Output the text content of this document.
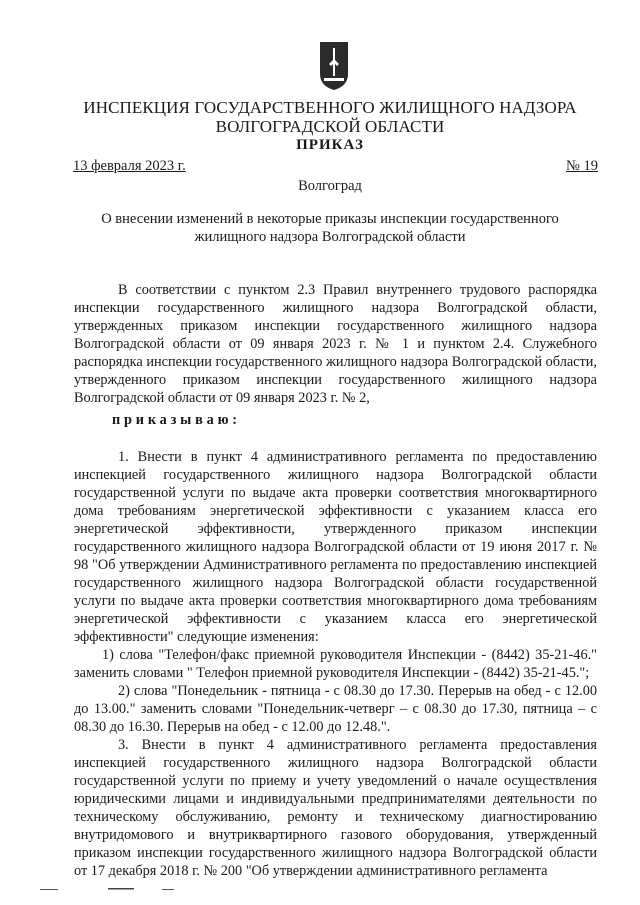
ИНСПЕКЦИЯ ГОСУДАРСТВЕННОГО ЖИЛИЩНОГО НАДЗОРА
ВОЛГОГРАДСКОЙ ОБЛАСТИ
ПРИКАЗ
13 февраля 2023 г.	№ 19
Волгоград
О внесении изменений в некоторые приказы инспекции государственного
жилищного надзора Волгоградской области

В соответствии с пунктом 2.3 Правил внутреннего трудового распорядка инспекции государственного жилищного надзора Волгоградской области, утвержденных приказом инспекции государственного жилищного надзора Волгоградской области от 09 января 2023 г. № 1 и пунктом 2.4. Служебного распорядка инспекции государственного жилищного надзора Волгоградской области, утвержденного приказом инспекции государственного жилищного надзора Волгоградской области от 09 января 2023 г. № 2,

приказываю:

1. Внести в пункт 4 административного регламента по предоставлению инспекцией государственного жилищного надзора Волгоградской области государственной услуги по выдаче акта проверки соответствия многоквартирного дома требованиям энергетической эффективности с указанием класса его энергетической эффективности, утвержденного приказом инспекции государственного жилищного надзора Волгоградской области от 19 июня 2017 г. № 98 "Об утверждении Административного регламента по предоставлению инспекцией государственного жилищного надзора Волгоградской области государственной услуги по выдаче акта проверки соответствия многоквартирного дома требованиям энергетической эффективности с указанием класса его энергетической эффективности" следующие изменения:

1) слова "Телефон/факс приемной руководителя Инспекции - (8442) 35-21-46." заменить словами " Телефон приемной руководителя Инспекции - (8442) 35-21-45.";

2) слова "Понедельник - пятница - с 08.30 до 17.30. Перерыв на обед - с 12.00 до 13.00." заменить словами "Понедельник-четверг – с 08.30 до 17.30, пятница – с 08.30 до 16.30. Перерыв на обед - с 12.00 до 12.48.".

3. Внести в пункт 4 административного регламента предоставления инспекцией государственного жилищного надзора Волгоградской области государственной услуги по приему и учету уведомлений о начале осуществления юридическими лицами и индивидуальными предпринимателями деятельности по техническому обслуживанию, ремонту и техническому диагностированию внутридомового и внутриквартирного газового оборудования, утвержденный приказом инспекции государственного жилищного надзора Волгоградской области от 17 декабря 2018 г. № 200 "Об утверждении административного регламента
